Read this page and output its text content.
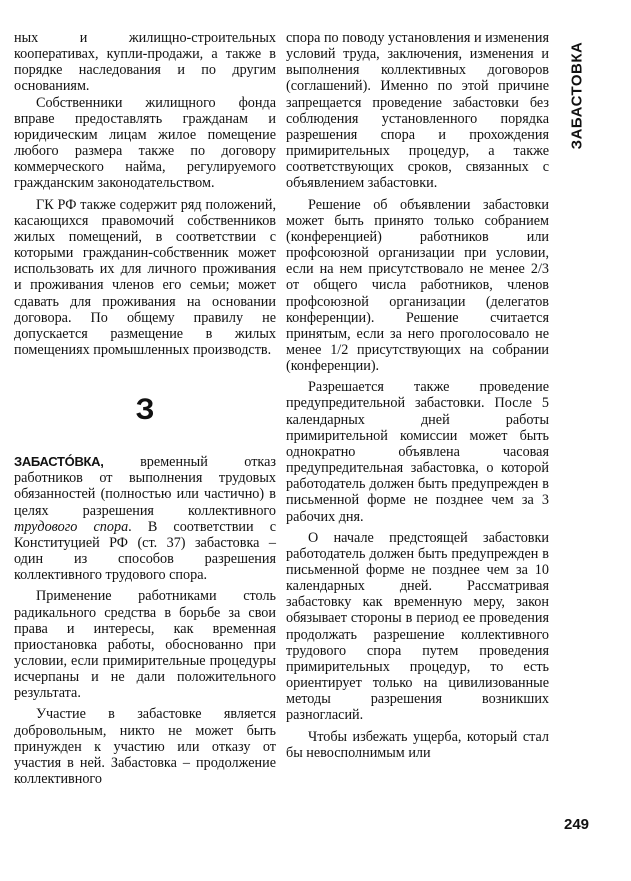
ных и жилищно-строительных кооперативах, купли-продажи, а также в порядке наследования и по другим основаниям.

Собственники жилищного фонда вправе предоставлять гражданам и юридическим лицам жилое помещение любого размера также по договору коммерческого найма, регулируемого гражданским законодательством.

ГК РФ также содержит ряд положений, касающихся правомочий собственников жилых помещений, в соответствии с которыми гражданин-собственник может использовать их для личного проживания и проживания членов его семьи; может сдавать для проживания на основании договора. По общему правилу не допускается размещение в жилых помещениях промышленных производств.

З

ЗАБАСТÓВКА, временный отказ работников от выполнения трудовых обязанностей (полностью или частично) в целях разрешения коллективного трудового спора. В соответствии с Конституцией РФ (ст. 37) забастовка – один из способов разрешения коллективного трудового спора.

Применение работниками столь радикального средства в борьбе за свои права и интересы, как временная приостановка работы, обоснованно при условии, если примирительные процедуры исчерпаны и не дали положительного результата.

Участие в забастовке является добровольным, никто не может быть принужден к участию или отказу от участия в ней. Забастовка – продолжение коллективного

спора по поводу установления и изменения условий труда, заключения, изменения и выполнения коллективных договоров (соглашений). Именно по этой причине запрещается проведение забастовки без соблюдения установленного порядка разрешения спора и прохождения примирительных процедур, а также соответствующих сроков, связанных с объявлением забастовки.

Решение об объявлении забастовки может быть принято только собранием (конференцией) работников или профсоюзной организации при условии, если на нем присутствовало не менее 2/3 от общего числа работников, членов профсоюзной организации (делегатов конференции). Решение считается принятым, если за него проголосовало не менее 1/2 присутствующих на собрании (конференции).

Разрешается также проведение предупредительной забастовки. После 5 календарных дней работы примирительной комиссии может быть однократно объявлена часовая предупредительная забастовка, о которой работодатель должен быть предупрежден в письменной форме не позднее чем за 3 рабочих дня.

О начале предстоящей забастовки работодатель должен быть предупрежден в письменной форме не позднее чем за 10 календарных дней. Рассматривая забастовку как временную меру, закон обязывает стороны в период ее проведения продолжать разрешение коллективного трудового спора путем проведения примирительных процедур, то есть ориентирует только на цивилизованные методы разрешения возникших разногласий.

Чтобы избежать ущерба, который стал бы невосполнимым или

ЗАБАСТОВКА
249
